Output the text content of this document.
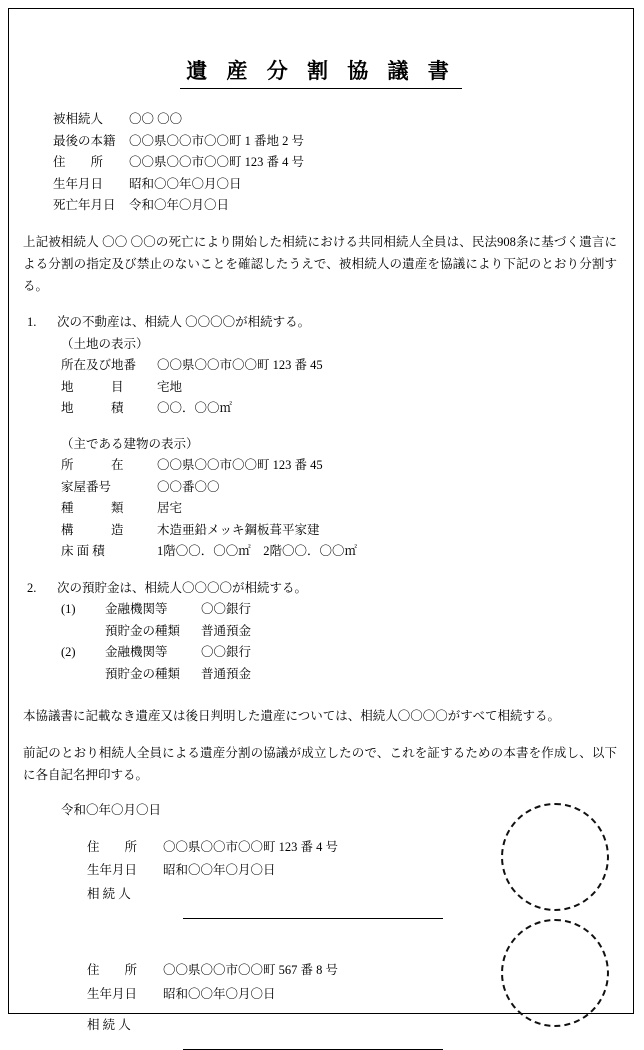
遺 産 分 割 協 議 書
被相続人	〇〇 〇〇
最後の本籍	〇〇県〇〇市〇〇町 1 番地 2 号
住　　所	〇〇県〇〇市〇〇町 123 番 4 号
生年月日	昭和〇〇年〇月〇日
死亡年月日	令和〇年〇月〇日
上記被相続人 〇〇 〇〇の死亡により開始した相続における共同相続人全員は、民法908条に基づく遺言による分割の指定及び禁止のないことを確認したうえで、被相続人の遺産を協議により下記のとおり分割する。
1.	次の不動産は、相続人 〇〇〇〇が相続する。
（土地の表示）
所在及び地番	〇〇県〇〇市〇〇町 123 番 45
地　　　目	宅地
地　　　積	〇〇．〇〇㎡
（主である建物の表示）
所　　　在	〇〇県〇〇市〇〇町 123 番 45
家屋番号	〇〇番〇〇
種　　　類	居宅
構　　　造	木造亜鉛メッキ鋼板葺平家建
床 面 積	1階〇〇．〇〇㎡　2階〇〇．〇〇㎡
2.	次の預貯金は、相続人〇〇〇〇が相続する。
(1)	金融機関等	〇〇銀行
預貯金の種類	普通預金
(2)	金融機関等	〇〇銀行
預貯金の種類	普通預金
本協議書に記載なき遺産又は後日判明した遺産については、相続人〇〇〇〇がすべて相続する。
前記のとおり相続人全員による遺産分割の協議が成立したので、これを証するための本書を作成し、以下に各自記名押印する。
令和〇年〇月〇日
住　　所	〇〇県〇〇市〇〇町 123 番 4 号
生年月日	昭和〇〇年〇月〇日
相 続 人
住　　所	〇〇県〇〇市〇〇町 567 番 8 号
生年月日	昭和〇〇年〇月〇日
相 続 人
